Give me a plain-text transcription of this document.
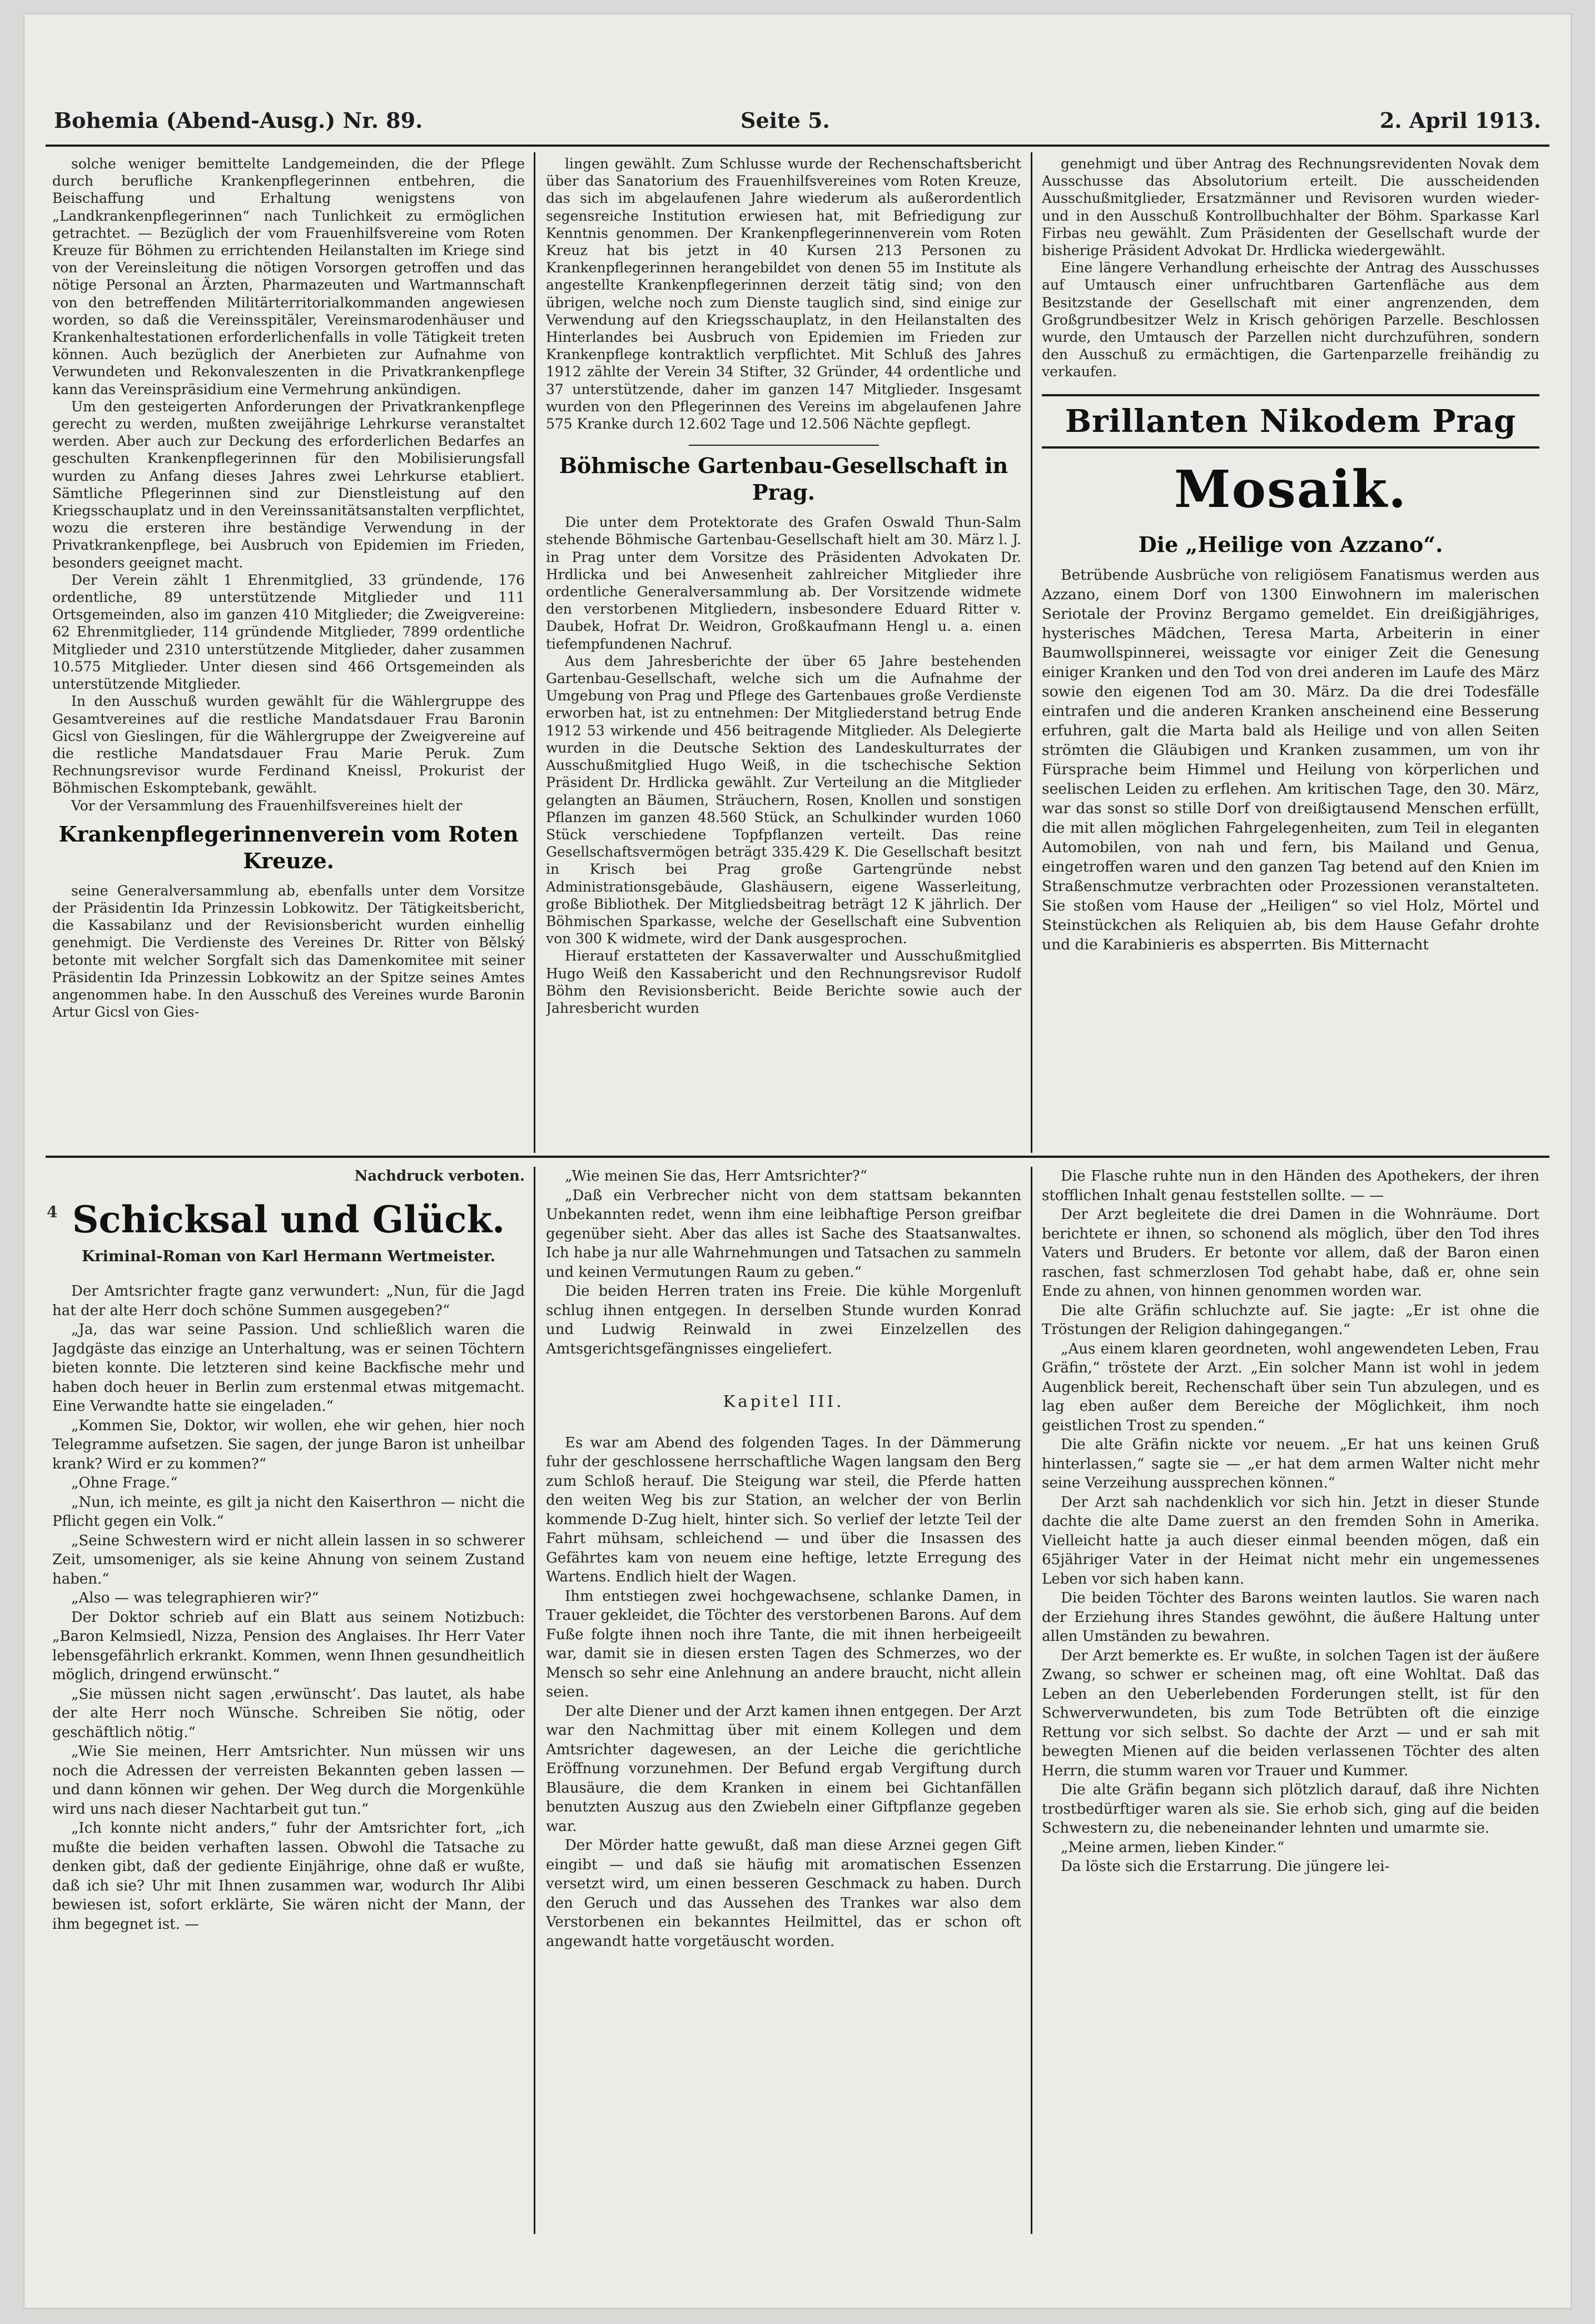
Bohemia (Abend-Ausg.) Nr. 89.	Seite 5.	2. April 1913.

solche weniger bemittelte Landgemeinden, die der Pflege durch berufliche Krankenpflegerinnen entbehren, die Beischaffung und Erhaltung wenigstens von „Landkrankenpflegerinnen“ nach Tunlichkeit zu ermöglichen getrachtet. — Bezüglich der vom Frauenhilfsvereine vom Roten Kreuze für Böhmen zu errichtenden Heilanstalten im Kriege sind von der Vereinsleitung die nötigen Vorsorgen getroffen und das nötige Personal an Ärzten, Pharmazeuten und Wartmannschaft von den betreffenden Militärterritorialkommanden angewiesen worden, so daß die Vereinsspitäler, Vereinsmarodenhäuser und Krankenhaltestationen erforderlichenfalls in volle Tätigkeit treten können. Auch bezüglich der Anerbieten zur Aufnahme von Verwundeten und Rekonvaleszenten in die Privatkrankenpflege kann das Vereinspräsidium eine Vermehrung ankündigen.

Um den gesteigerten Anforderungen der Privatkrankenpflege gerecht zu werden, mußten zweijährige Lehrkurse veranstaltet werden. Aber auch zur Deckung des erforderlichen Bedarfes an geschulten Krankenpflegerinnen für den Mobilisierungsfall wurden zu Anfang dieses Jahres zwei Lehrkurse etabliert. Sämtliche Pflegerinnen sind zur Dienstleistung auf den Kriegsschauplatz und in den Vereinssanitätsanstalten verpflichtet, wozu die ersteren ihre beständige Verwendung in der Privatkrankenpflege, bei Ausbruch von Epidemien im Frieden, besonders geeignet macht.

Der Verein zählt 1 Ehrenmitglied, 33 gründende, 176 ordentliche, 89 unterstützende Mitglieder und 111 Ortsgemeinden, also im ganzen 410 Mitglieder; die Zweigvereine: 62 Ehrenmitglieder, 114 gründende Mitglieder, 7899 ordentliche Mitglieder und 2310 unterstützende Mitglieder, daher zusammen 10.575 Mitglieder. Unter diesen sind 466 Ortsgemeinden als unterstützende Mitglieder.

In den Ausschuß wurden gewählt für die Wählergruppe des Gesamtvereines auf die restliche Mandatsdauer Frau Baronin Gicsl von Gieslingen, für die Wählergruppe der Zweigvereine auf die restliche Mandatsdauer Frau Marie Peruk. Zum Rechnungsrevisor wurde Ferdinand Kneissl, Prokurist der Böhmischen Eskomptebank, gewählt.

Vor der Versammlung des Frauenhilfsvereines hielt der

Krankenpflegerinnenverein vom Roten Kreuze.

seine Generalversammlung ab, ebenfalls unter dem Vorsitze der Präsidentin Ida Prinzessin Lobkowitz. Der Tätigkeitsbericht, die Kassabilanz und der Revisionsbericht wurden einhellig genehmigt. Die Verdienste des Vereines Dr. Ritter von Bělský betonte mit welcher Sorgfalt sich das Damenkomitee mit seiner Präsidentin Ida Prinzessin Lobkowitz an der Spitze seines Amtes angenommen habe. In den Ausschuß des Vereines wurde Baronin Artur Gicsl von Gies-

lingen gewählt. Zum Schlusse wurde der Rechenschaftsbericht über das Sanatorium des Frauenhilfsvereines vom Roten Kreuze, das sich im abgelaufenen Jahre wiederum als außerordentlich segensreiche Institution erwiesen hat, mit Befriedigung zur Kenntnis genommen. Der Krankenpflegerinnenverein vom Roten Kreuz hat bis jetzt in 40 Kursen 213 Personen zu Krankenpflegerinnen herangebildet von denen 55 im Institute als angestellte Krankenpflegerinnen derzeit tätig sind; von den übrigen, welche noch zum Dienste tauglich sind, sind einige zur Verwendung auf den Kriegsschauplatz, in den Heilanstalten des Hinterlandes bei Ausbruch von Epidemien im Frieden zur Krankenpflege kontraktlich verpflichtet. Mit Schluß des Jahres 1912 zählte der Verein 34 Stifter, 32 Gründer, 44 ordentliche und 37 unterstützende, daher im ganzen 147 Mitglieder. Insgesamt wurden von den Pflegerinnen des Vereins im abgelaufenen Jahre 575 Kranke durch 12.602 Tage und 12.506 Nächte gepflegt.

Böhmische Gartenbau-Gesellschaft in Prag.

Die unter dem Protektorate des Grafen Oswald Thun-Salm stehende Böhmische Gartenbau-Gesellschaft hielt am 30. März l. J. in Prag unter dem Vorsitze des Präsidenten Advokaten Dr. Hrdlicka und bei Anwesenheit zahlreicher Mitglieder ihre ordentliche Generalversammlung ab. Der Vorsitzende widmete den verstorbenen Mitgliedern, insbesondere Eduard Ritter v. Daubek, Hofrat Dr. Weidron, Großkaufmann Hengl u. a. einen tiefempfundenen Nachruf.

Aus dem Jahresberichte der über 65 Jahre bestehenden Gartenbau-Gesellschaft, welche sich um die Aufnahme der Umgebung von Prag und Pflege des Gartenbaues große Verdienste erworben hat, ist zu entnehmen: Der Mitgliederstand betrug Ende 1912 53 wirkende und 456 beitragende Mitglieder. Als Delegierte wurden in die Deutsche Sektion des Landeskulturrates der Ausschußmitglied Hugo Weiß, in die tschechische Sektion Präsident Dr. Hrdlicka gewählt. Zur Verteilung an die Mitglieder gelangten an Bäumen, Sträuchern, Rosen, Knollen und sonstigen Pflanzen im ganzen 48.560 Stück, an Schulkinder wurden 1060 Stück verschiedene Topfpflanzen verteilt. Das reine Gesellschaftsvermögen beträgt 335.429 K. Die Gesellschaft besitzt in Krisch bei Prag große Gartengründe nebst Administrationsgebäude, Glashäusern, eigene Wasserleitung, große Bibliothek. Der Mitgliedsbeitrag beträgt 12 K jährlich. Der Böhmischen Sparkasse, welche der Gesellschaft eine Subvention von 300 K widmete, wird der Dank ausgesprochen.

Hierauf erstatteten der Kassaverwalter und Ausschußmitglied Hugo Weiß den Kassabericht und den Rechnungsrevisor Rudolf Böhm den Revisionsbericht. Beide Berichte sowie auch der Jahresbericht wurden

genehmigt und über Antrag des Rechnungsrevidenten Novak dem Ausschusse das Absolutorium erteilt. Die ausscheidenden Ausschußmitglieder, Ersatzmänner und Revisoren wurden wieder- und in den Ausschuß Kontrollbuchhalter der Böhm. Sparkasse Karl Firbas neu gewählt. Zum Präsidenten der Gesellschaft wurde der bisherige Präsident Advokat Dr. Hrdlicka wiedergewählt.

Eine längere Verhandlung erheischte der Antrag des Ausschusses auf Umtausch einer unfruchtbaren Gartenfläche aus dem Besitzstande der Gesellschaft mit einer angrenzenden, dem Großgrundbesitzer Welz in Krisch gehörigen Parzelle. Beschlossen wurde, den Umtausch der Parzellen nicht durchzuführen, sondern den Ausschuß zu ermächtigen, die Gartenparzelle freihändig zu verkaufen.

Brillanten Nikodem Prag
Mosaik.
Die „Heilige von Azzano“.

Betrübende Ausbrüche von religiösem Fanatismus werden aus Azzano, einem Dorf von 1300 Einwohnern im malerischen Seriotale der Provinz Bergamo gemeldet. Ein dreißigjähriges, hysterisches Mädchen, Teresa Marta, Arbeiterin in einer Baumwollspinnerei, weissagte vor einiger Zeit die Genesung einiger Kranken und den Tod von drei anderen im Laufe des März sowie den eigenen Tod am 30. März. Da die drei Todesfälle eintrafen und die anderen Kranken anscheinend eine Besserung erfuhren, galt die Marta bald als Heilige und von allen Seiten strömten die Gläubigen und Kranken zusammen, um von ihr Fürsprache beim Himmel und Heilung von körperlichen und seelischen Leiden zu erflehen. Am kritischen Tage, den 30. März, war das sonst so stille Dorf von dreißigtausend Menschen erfüllt, die mit allen möglichen Fahrgelegenheiten, zum Teil in eleganten Automobilen, von nah und fern, bis Mailand und Genua, eingetroffen waren und den ganzen Tag betend auf den Knien im Straßenschmutze verbrachten oder Prozessionen veranstalteten. Sie stoßen vom Hause der „Heiligen“ so viel Holz, Mörtel und Steinstückchen als Reliquien ab, bis dem Hause Gefahr drohte und die Karabinieris es absperrten. Bis Mitternacht

4
Nachdruck verboten.
Schicksal und Glück.
Kriminal-Roman von Karl Hermann Wertmeister.

Der Amtsrichter fragte ganz verwundert: „Nun, für die Jagd hat der alte Herr doch schöne Summen ausgegeben?“

„Ja, das war seine Passion. Und schließlich waren die Jagdgäste das einzige an Unterhaltung, was er seinen Töchtern bieten konnte. Die letzteren sind keine Backfische mehr und haben doch heuer in Berlin zum erstenmal etwas mitgemacht. Eine Verwandte hatte sie eingeladen.“

„Kommen Sie, Doktor, wir wollen, ehe wir gehen, hier noch Telegramme aufsetzen. Sie sagen, der junge Baron ist unheilbar krank? Wird er zu kommen?“

„Ohne Frage.“

„Nun, ich meinte, es gilt ja nicht den Kaiserthron — nicht die Pflicht gegen ein Volk.“

„Seine Schwestern wird er nicht allein lassen in so schwerer Zeit, umsomeniger, als sie keine Ahnung von seinem Zustand haben.“

„Also — was telegraphieren wir?“

Der Doktor schrieb auf ein Blatt aus seinem Notizbuch: „Baron Kelmsiedl, Nizza, Pension des Anglaises. Ihr Herr Vater lebensgefährlich erkrankt. Kommen, wenn Ihnen gesundheitlich möglich, dringend erwünscht.“

„Sie müssen nicht sagen ‚erwünscht‘. Das lautet, als habe der alte Herr noch Wünsche. Schreiben Sie nötig, oder geschäftlich nötig.“

„Wie Sie meinen, Herr Amtsrichter. Nun müssen wir uns noch die Adressen der verreisten Bekannten geben lassen — und dann können wir gehen. Der Weg durch die Morgenkühle wird uns nach dieser Nachtarbeit gut tun.“

„Ich konnte nicht anders,“ fuhr der Amtsrichter fort, „ich mußte die beiden verhaften lassen. Obwohl die Tatsache zu denken gibt, daß der gediente Einjährige, ohne daß er wußte, daß ich sie? Uhr mit Ihnen zusammen war, wodurch Ihr Alibi bewiesen ist, sofort erklärte, Sie wären nicht der Mann, der ihm begegnet ist. —

„Wie meinen Sie das, Herr Amtsrichter?“

„Daß ein Verbrecher nicht von dem stattsam bekannten Unbekannten redet, wenn ihm eine leibhaftige Person greifbar gegenüber sieht. Aber das alles ist Sache des Staatsanwaltes. Ich habe ja nur alle Wahrnehmungen und Tatsachen zu sammeln und keinen Vermutungen Raum zu geben.“

Die beiden Herren traten ins Freie. Die kühle Morgenluft schlug ihnen entgegen. In derselben Stunde wurden Konrad und Ludwig Reinwald in zwei Einzelzellen des Amtsgerichtsgefängnisses eingeliefert.

Kapitel III.

Es war am Abend des folgenden Tages. In der Dämmerung fuhr der geschlossene herrschaftliche Wagen langsam den Berg zum Schloß herauf. Die Steigung war steil, die Pferde hatten den weiten Weg bis zur Station, an welcher der von Berlin kommende D-Zug hielt, hinter sich. So verlief der letzte Teil der Fahrt mühsam, schleichend — und über die Insassen des Gefährtes kam von neuem eine heftige, letzte Erregung des Wartens. Endlich hielt der Wagen.

Ihm entstiegen zwei hochgewachsene, schlanke Damen, in Trauer gekleidet, die Töchter des verstorbenen Barons. Auf dem Fuße folgte ihnen noch ihre Tante, die mit ihnen herbeigeeilt war, damit sie in diesen ersten Tagen des Schmerzes, wo der Mensch so sehr eine Anlehnung an andere braucht, nicht allein seien.

Der alte Diener und der Arzt kamen ihnen entgegen. Der Arzt war den Nachmittag über mit einem Kollegen und dem Amtsrichter dagewesen, an der Leiche die gerichtliche Eröffnung vorzunehmen. Der Befund ergab Vergiftung durch Blausäure, die dem Kranken in einem bei Gichtanfällen benutzten Auszug aus den Zwiebeln einer Giftpflanze gegeben war.

Der Mörder hatte gewußt, daß man diese Arznei gegen Gift eingibt — und daß sie häufig mit aromatischen Essenzen versetzt wird, um einen besseren Geschmack zu haben. Durch den Geruch und das Aussehen des Trankes war also dem Verstorbenen ein bekanntes Heilmittel, das er schon oft angewandt hatte vorgetäuscht worden.

Die Flasche ruhte nun in den Händen des Apothekers, der ihren stofflichen Inhalt genau feststellen sollte. — —

Der Arzt begleitete die drei Damen in die Wohnräume. Dort berichtete er ihnen, so schonend als möglich, über den Tod ihres Vaters und Bruders. Er betonte vor allem, daß der Baron einen raschen, fast schmerzlosen Tod gehabt habe, daß er, ohne sein Ende zu ahnen, von hinnen genommen worden war.

Die alte Gräfin schluchzte auf. Sie jagte: „Er ist ohne die Tröstungen der Religion dahingegangen.“

„Aus einem klaren geordneten, wohl angewendeten Leben, Frau Gräfin,“ tröstete der Arzt. „Ein solcher Mann ist wohl in jedem Augenblick bereit, Rechenschaft über sein Tun abzulegen, und es lag eben außer dem Bereiche der Möglichkeit, ihm noch geistlichen Trost zu spenden.“

Die alte Gräfin nickte vor neuem. „Er hat uns keinen Gruß hinterlassen,“ sagte sie — „er hat dem armen Walter nicht mehr seine Verzeihung aussprechen können.“

Der Arzt sah nachdenklich vor sich hin. Jetzt in dieser Stunde dachte die alte Dame zuerst an den fremden Sohn in Amerika. Vielleicht hatte ja auch dieser einmal beenden mögen, daß ein 65jähriger Vater in der Heimat nicht mehr ein ungemessenes Leben vor sich haben kann.

Die beiden Töchter des Barons weinten lautlos. Sie waren nach der Erziehung ihres Standes gewöhnt, die äußere Haltung unter allen Umständen zu bewahren.

Der Arzt bemerkte es. Er wußte, in solchen Tagen ist der äußere Zwang, so schwer er scheinen mag, oft eine Wohltat. Daß das Leben an den Ueberlebenden Forderungen stellt, ist für den Schwerverwundeten, bis zum Tode Betrübten oft die einzige Rettung vor sich selbst. So dachte der Arzt — und er sah mit bewegten Mienen auf die beiden verlassenen Töchter des alten Herrn, die stumm waren vor Trauer und Kummer.

Die alte Gräfin begann sich plötzlich darauf, daß ihre Nichten trostbedürftiger waren als sie. Sie erhob sich, ging auf die beiden Schwestern zu, die nebeneinander lehnten und umarmte sie.

„Meine armen, lieben Kinder.“

Da löste sich die Erstarrung. Die jüngere lei-
